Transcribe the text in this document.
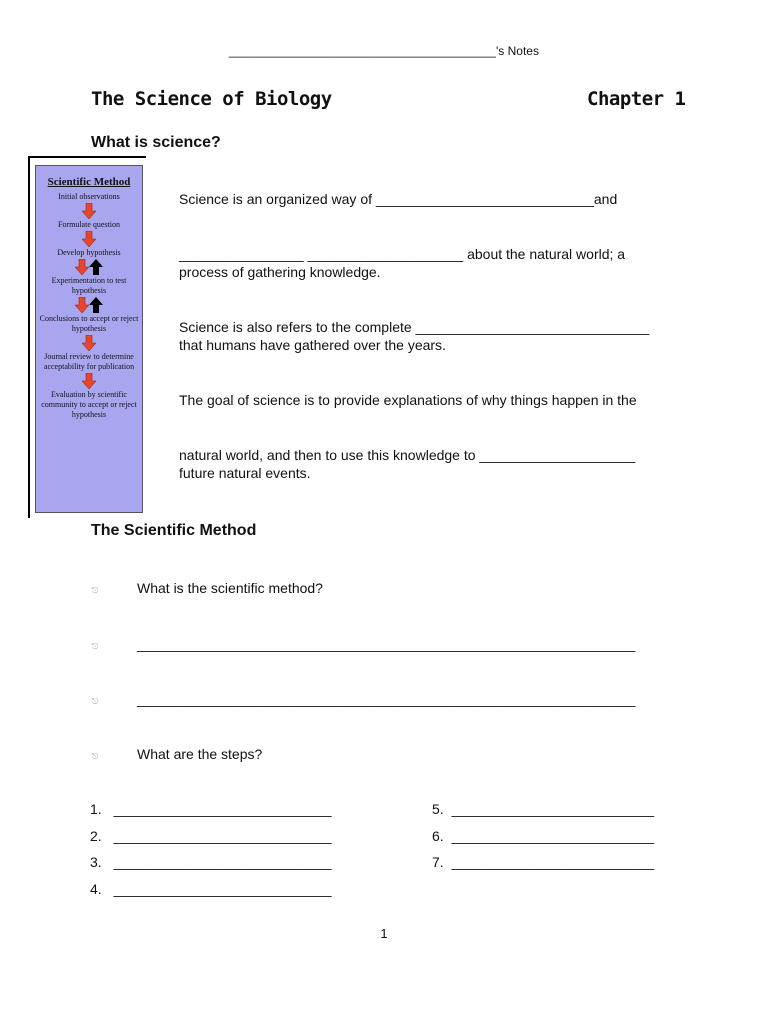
________________________________________'s Notes
The Science of Biology	Chapter 1
What is science?
Scientific Method
Initial observations
Formulate question
Develop hypothesis
Experimentation to test hypothesis
Conclusions to accept or reject hypothesis
Journal review to determine acceptability for publication
Evaluation by scientific community to accept or reject hypothesis
Science is an organized way of ____________________________and
________________ ____________________ about the natural world; a
process of gathering knowledge.
Science is also refers to the complete ______________________________
that humans have gathered over the years.
The goal of science is to provide explanations of why things happen in the
natural world, and then to use this knowledge to ____________________
future natural events.
The Scientific Method
⎋	What is the scientific method?
⎋	________________________________________________________________
⎋	________________________________________________________________
⎋	What are the steps?
1. ____________________________
2. ____________________________
3. ____________________________
4. ____________________________
5. __________________________
6. __________________________
7. __________________________
1
